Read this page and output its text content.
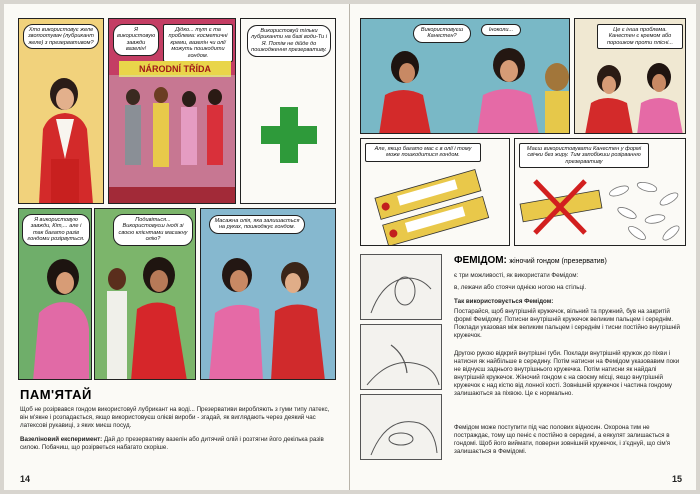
Хто використовує желе звопоотувач (лубрикант желе) з презервативом?
Я використовую завжди вазелін!
Дідко... тут є та проблема: косметичні креми, вазелін чи олії можуть пошкодити гондом.
NÁRODNÍ TŘÍDA
Використовуй тільки лубриканти на базі води-Ти і Я. Потім не дійде до пошкодження презервативу.
Я використовую завжди, Кіт,... але і так багато разів гондоми розірвуться.
Подивіться... Використовуєш іноді зі своєю клієнтами масажну олію?
Масажна олія, яка залишається на руках, пошкоджує гондом.
ПАМ'ЯТАЙ
Щоб не розірвався гондом використовуй лубрикант на воді... Презервативи виробляють з гуми типу латекс, він м'якне і розпадається, якщо використовуєш олієві вироби - згадай, як виглядають через деякий час латексові рукавиці, з яких миєш посуд.
Вазеліновий експеримент: Дай до презервативу вазелін або дитячий олій і розтягни його декілька разів силою. Побачиш, що розірветься набагато скоріше.
14
Використовуєш Канестен?
Іноколи...	Це є інша проблема. Канестен є кремом або порошком проти плісні...
Але, якщо багато мас є в олії і тому може пошкодитися гондом.
Маєш використовувати Канестен у формі свічки без жиру. Тим запобіжиш розірванню презервативу
ФЕМІДОМ: жіночий гондом (презерватив)
є три можливості, як використати Фемідом:
в, лежачи або стоячи однією ногою на стільці.
Так використовується Фемідом:
Постарайся, щоб внутрішній кружечок, вільний та пружний, був на закритій формі Фемідому. Потисни внутрішній кружечок великим пальцем і середнім. Поклади указовая між великим пальцем і середнім і тисни постійно внутрішній кружечок.
Другою рукою відкрий внутрішні губи. Поклади внутрішній кружок до піхви і натисни як найбільше в середину. Потім натисни на Фемідом указовавим поки не відчуєш заднього внутрішнього кружечка. Потім натисни як найдалі внутрішній кружечок. Жіночий гондом є на своєму місці, якщо внутрішній кружечок є над кістю від лонної кості. Зовнішній кружечок і частина гондому залишаються за піхвою. Це є нормально.
Фемідом може поступити під час полових відносин. Охорона тим не постраждає, тому що пеніс є постійно в середині, а еякулят залишається в гондомі. Щоб його виймати, поверни зовнішній кружечок, і з'єднуй, що сім'я залишається в Фемідомі.
15
